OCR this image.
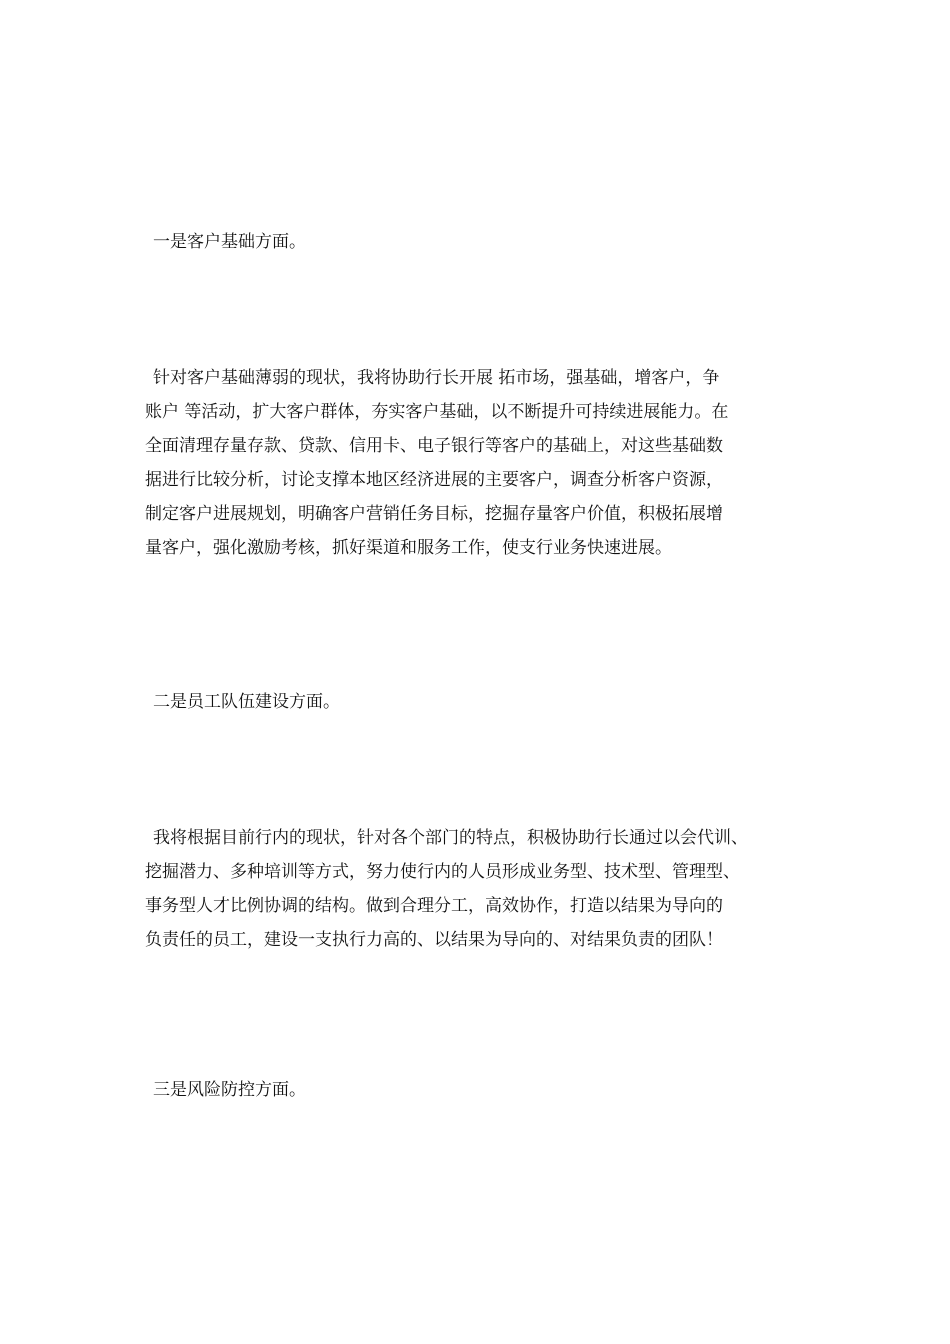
一是客户基础方面。
针对客户基础薄弱的现状，我将协助行长开展 拓市场，强基础，增客户，争
账户 等活动，扩大客户群体，夯实客户基础，以不断提升可持续进展能力。在
全面清理存量存款、贷款、信用卡、电子银行等客户的基础上，对这些基础数
据进行比较分析，讨论支撑本地区经济进展的主要客户，调查分析客户资源，
制定客户进展规划，明确客户营销任务目标，挖掘存量客户价值，积极拓展增
量客户，强化激励考核，抓好渠道和服务工作，使支行业务快速进展。
二是员工队伍建设方面。
我将根据目前行内的现状，针对各个部门的特点，积极协助行长通过以会代训、
挖掘潜力、多种培训等方式，努力使行内的人员形成业务型、技术型、管理型、
事务型人才比例协调的结构。做到合理分工，高效协作，打造以结果为导向的
负责任的员工，建设一支执行力高的、以结果为导向的、对结果负责的团队！
三是风险防控方面。
